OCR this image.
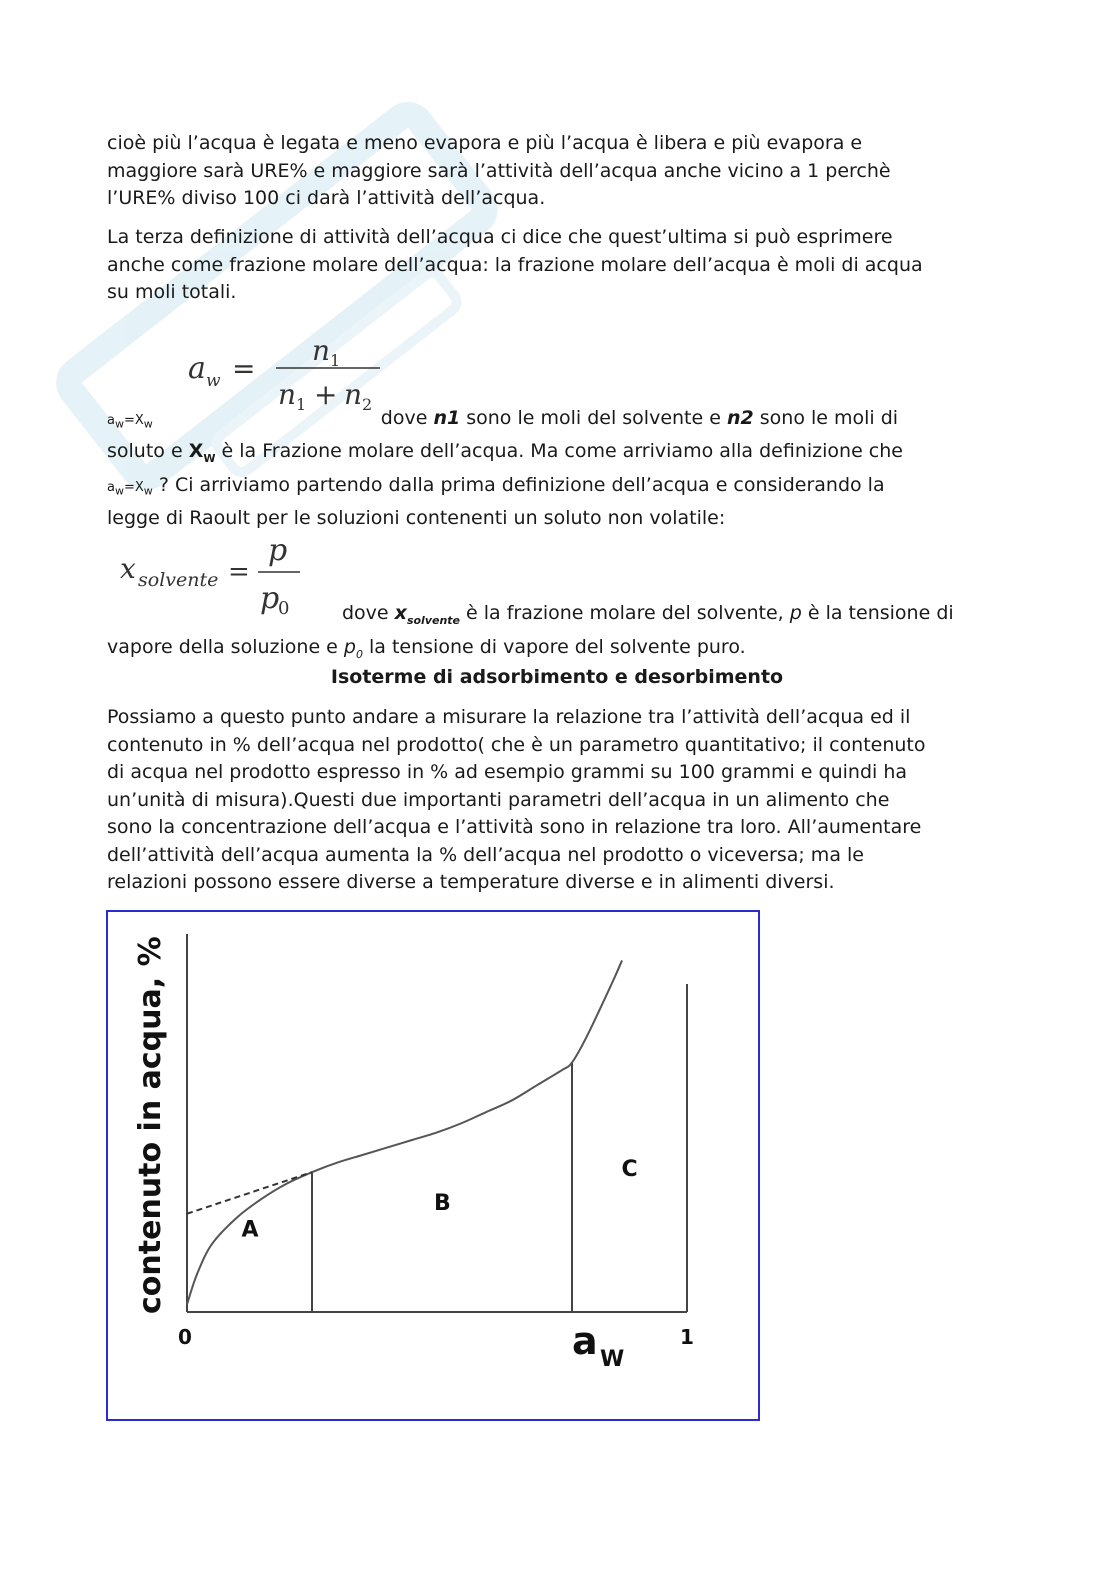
cioè più l’acqua è legata e meno evapora e più l’acqua è libera e più evapora e
maggiore sarà URE% e maggiore sarà l’attività dell’acqua anche vicino a 1 perchè
l’URE% diviso 100 ci darà l’attività dell’acqua.

La terza definizione di attività dell’acqua ci dice che quest’ultima si può esprimere
anche come frazione molare dell’acqua: la frazione molare dell’acqua è moli di acqua
su moli totali.

a w =
n 1
n 1 + n 2

$a_w=X_w$	dove n1 sono le moli del solvente e n2 sono le moli di
soluto e $X_W$ è la Frazione molare dell’acqua. Ma come arriviamo alla definizione che
$a_w=X_w$ ? Ci arriviamo partendo dalla prima definizione dell’acqua e considerando la
legge di Raoult per le soluzioni contenenti un soluto non volatile:

x solvente =
p
p
0	dove $x_{solvente}$ è la frazione molare del solvente, p è la tensione di
vapore della soluzione e $p_0$ la tensione di vapore del solvente puro.

Isoterme di adsorbimento e desorbimento

Possiamo a questo punto andare a misurare la relazione tra l’attività dell’acqua ed il
contenuto in % dell’acqua nel prodotto( che è un parametro quantitativo; il contenuto
di acqua nel prodotto espresso in % ad esempio grammi su 100 grammi e quindi ha
un’unità di misura).Questi due importanti parametri dell’acqua in un alimento che
sono la concentrazione dell’acqua e l’attività sono in relazione tra loro. All’aumentare
dell’attività dell’acqua aumenta la % dell’acqua nel prodotto o viceversa; ma le
relazioni possono essere diverse a temperature diverse e in alimenti diversi.

A
B
C
contenuto in acqua, %
0	1
a W
